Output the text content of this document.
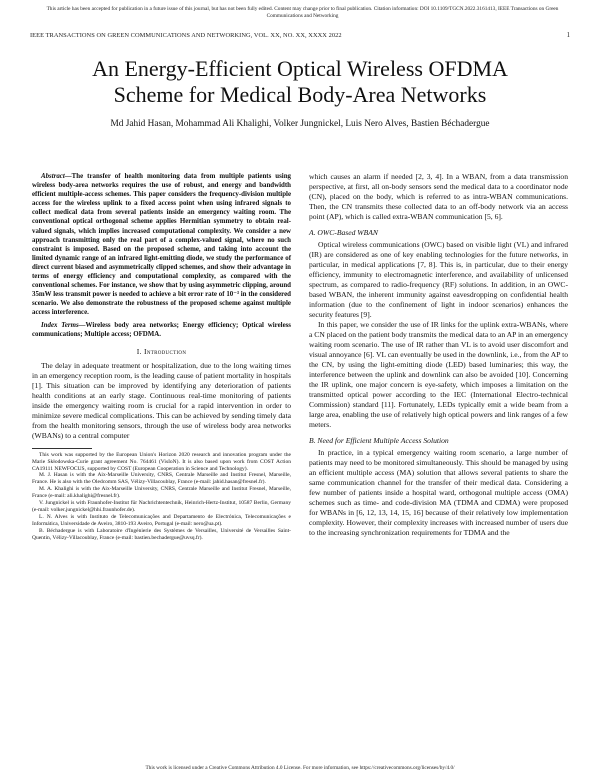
This article has been accepted for publication in a future issue of this journal, but has not been fully edited. Content may change prior to final publication. Citation information: DOI 10.1109/TGCN.2022.3161413, IEEE Transactions on Green Communications and Networking
IEEE TRANSACTIONS ON GREEN COMMUNICATIONS AND NETWORKING, VOL. XX, NO. XX, XXXX 2022	1
An Energy-Efficient Optical Wireless OFDMA
Scheme for Medical Body-Area Networks
Md Jahid Hasan, Mohammad Ali Khalighi, Volker Jungnickel, Luis Nero Alves, Bastien Béchadergue

Abstract—The transfer of health monitoring data from multiple patients using wireless body-area networks requires the use of robust, and energy and bandwidth efficient multiple-access schemes. This paper considers the frequency-division multiple access for the wireless uplink to a fixed access point when using infrared signals to collect medical data from several patients inside an emergency waiting room. The conventional optical orthogonal scheme applies Hermitian symmetry to obtain real-valued signals, which implies increased computational complexity. We consider a new approach transmitting only the real part of a complex-valued signal, where no such constraint is imposed. Based on the proposed scheme, and taking into account the limited dynamic range of an infrared light-emitting diode, we study the performance of direct current biased and asymmetrically clipped schemes, and show their advantage in terms of energy efficiency and computational complexity, as compared with the conventional schemes. For instance, we show that by using asymmetric clipping, around 35mW less transmit power is needed to achieve a bit error rate of 10⁻³ in the considered scenario. We also demonstrate the robustness of the proposed scheme against multiple access interference.

Index Terms—Wireless body area networks; Energy efficiency; Optical wireless communications; Multiple access; OFDMA.

I. Introduction

The delay in adequate treatment or hospitalization, due to the long waiting times in an emergency reception room, is the leading cause of patient mortality in hospitals [1]. This situation can be improved by identifying any deterioration of patients health conditions at an early stage. Continuous real-time monitoring of patients inside the emergency waiting room is crucial for a rapid intervention in order to minimize severe medical complications. This can be achieved by sending timely data from the health monitoring sensors, through the use of wireless body area networks (WBANs) to a central computer

This work was supported by the European Union's Horizon 2020 research and innovation program under the Marie Skłodowska-Curie grant agreement No. 764461 (VisIoN). It is also based upon work from COST Action CA19111 NEWFOCUS, supported by COST (European Cooperation in Science and Technology).

M. J. Hasan is with the Aix-Marseille University, CNRS, Centrale Marseille and Institut Fresnel, Marseille, France. He is also with the Oledcomm SAS, Vélizy-Villacoublay, France (e-mail: jahid.hasan@fresnel.fr).

M. A. Khalighi is with the Aix-Marseille University, CNRS, Centrale Marseille and Institut Fresnel, Marseille, France (e-mail: ali.khalighi@fresnel.fr).

V. Jungnickel is with Fraunhofer-Institut für Nachrichtentechnik, Heinrich-Hertz-Institut, 10587 Berlin, Germany (e-mail: volker.jungnickel@hhi.fraunhofer.de).

L. N. Alves is with Instituto de Telecomunicações and Departamento de Electrónica, Telecomunicações e Informática, Universidade de Aveiro, 3810-193 Aveiro, Portugal (e-mail: nero@ua.pt).

B. Béchadergue is with Laboratoire d'Ingénierie des Systèmes de Versailles, Université de Versailles Saint-Quentin, Vélizy-Villacoublay, France (e-mail: bastien.bechadergue@uvsq.fr).

which causes an alarm if needed [2, 3, 4]. In a WBAN, from a data transmission perspective, at first, all on-body sensors send the medical data to a coordinator node (CN), placed on the body, which is referred to as intra-WBAN communications. Then, the CN transmits these collected data to an off-body network via an access point (AP), which is called extra-WBAN communication [5, 6].

A. OWC-Based WBAN

Optical wireless communications (OWC) based on visible light (VL) and infrared (IR) are considered as one of key enabling technologies for the future networks, in particular, in medical applications [7, 8]. This is, in particular, due to their energy efficiency, immunity to electromagnetic interference, and availability of unlicensed spectrum, as compared to radio-frequency (RF) solutions. In addition, in an OWC-based WBAN, the inherent immunity against eavesdropping on confidential health information (due to the confinement of light in indoor scenarios) enhances the security features [9].

In this paper, we consider the use of IR links for the uplink extra-WBANs, where a CN placed on the patient body transmits the medical data to an AP in an emergency waiting room scenario. The use of IR rather than VL is to avoid user discomfort and visual annoyance [6]. VL can eventually be used in the downlink, i.e., from the AP to the CN, by using the light-emitting diode (LED) based luminaries; this way, the interference between the uplink and downlink can also be avoided [10]. Concerning the IR uplink, one major concern is eye-safety, which imposes a limitation on the transmitted optical power according to the IEC (International Electro-technical Commission) standard [11]. Fortunately, LEDs typically emit a wide beam from a large area, enabling the use of relatively high optical powers and link ranges of a few meters.

B. Need for Efficient Multiple Access Solution

In practice, in a typical emergency waiting room scenario, a large number of patients may need to be monitored simultaneously. This should be managed by using an efficient multiple access (MA) solution that allows several patients to share the same communication channel for the transfer of their medical data. Considering a few number of patients inside a hospital ward, orthogonal multiple access (OMA) schemes such as time- and code-division MA (TDMA and CDMA) were proposed for WBANs in [6, 12, 13, 14, 15, 16] because of their relatively low implementation complexity. However, their complexity increases with increased number of users due to the increasing synchronization requirements for TDMA and the

This work is licensed under a Creative Commons Attribution 4.0 License. For more information, see https://creativecommons.org/licenses/by/4.0/
